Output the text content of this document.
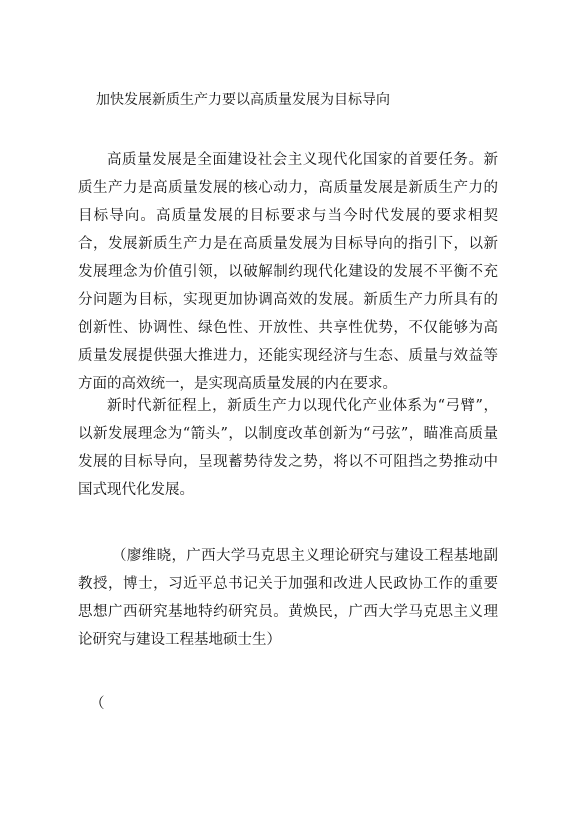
加快发展新质生产力要以高质量发展为目标导向

高质量发展是全面建设社会主义现代化国家的首要任务。新质生产力是高质量发展的核心动力，高质量发展是新质生产力的目标导向。高质量发展的目标要求与当今时代发展的要求相契合，发展新质生产力是在高质量发展为目标导向的指引下，以新发展理念为价值引领，以破解制约现代化建设的发展不平衡不充分问题为目标，实现更加协调高效的发展。新质生产力所具有的创新性、协调性、绿色性、开放性、共享性优势，不仅能够为高质量发展提供强大推进力，还能实现经济与生态、质量与效益等方面的高效统一，是实现高质量发展的内在要求。

新时代新征程上，新质生产力以现代化产业体系为“弓臂”，以新发展理念为“箭头”，以制度改革创新为“弓弦”，瞄准高质量发展的目标导向，呈现蓄势待发之势，将以不可阻挡之势推动中国式现代化发展。

（廖维晓，广西大学马克思主义理论研究与建设工程基地副教授，博士，习近平总书记关于加强和改进人民政协工作的重要思想广西研究基地特约研究员。黄焕民，广西大学马克思主义理论研究与建设工程基地硕士生）

（
